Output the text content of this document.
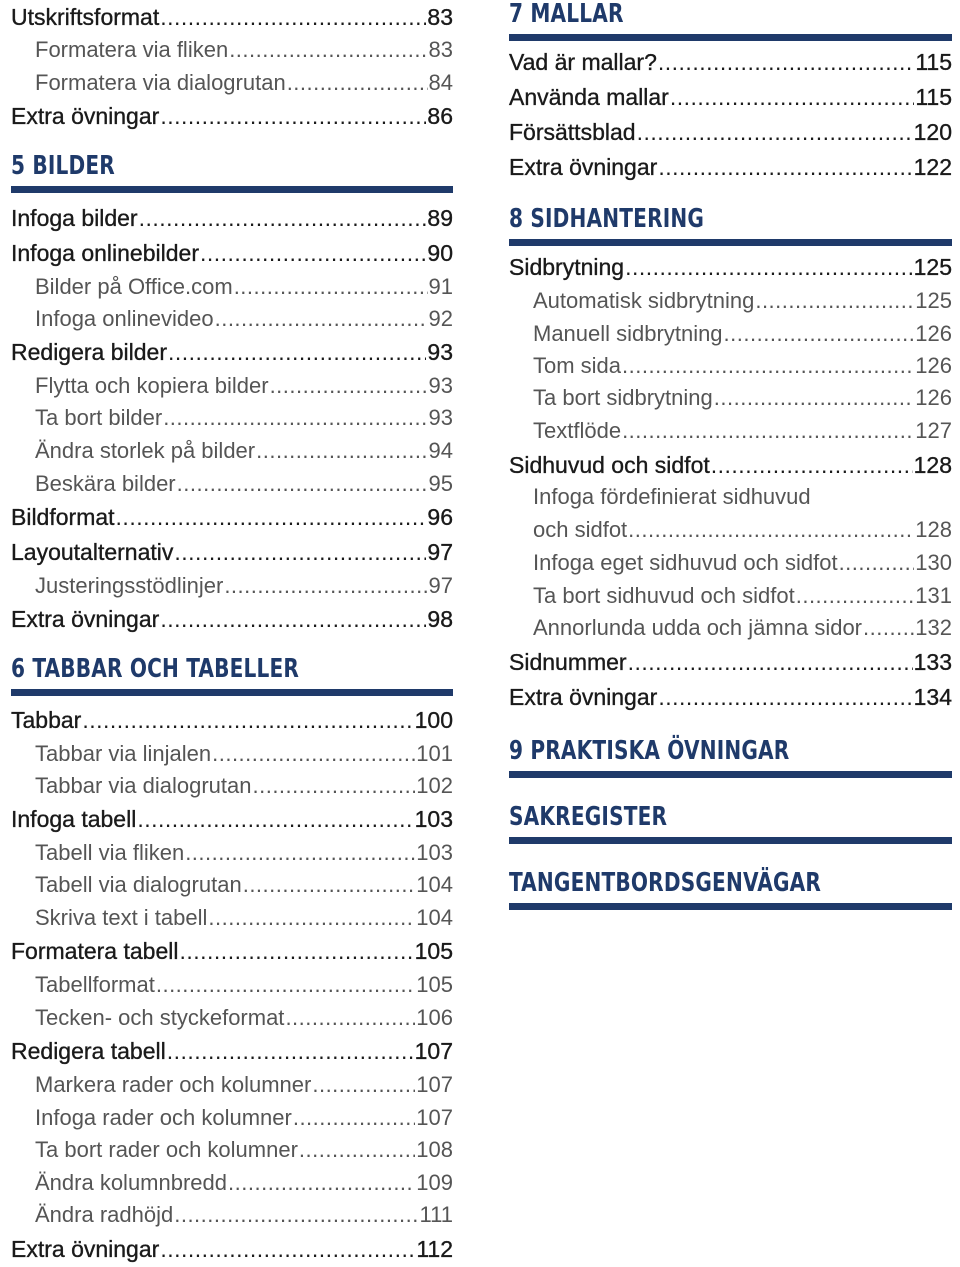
Utskriftsformat .....	83
Formatera via fliken .....	83
Formatera via dialogrutan .....	84
Extra övningar .....	86
5 BILDER
Infoga bilder .....	89
Infoga onlinebilder .....	90
Bilder på Office.com .....	91
Infoga onlinevideo .....	92
Redigera bilder .....	93
Flytta och kopiera bilder .....	93
Ta bort bilder .....	93
Ändra storlek på bilder .....	94
Beskära bilder .....	95
Bildformat .....	96
Layoutalternativ .....	97
Justeringsstödlinjer .....	97
Extra övningar .....	98
6 TABBAR OCH TABELLER
Tabbar .....	100
Tabbar via linjalen .....	101
Tabbar via dialogrutan .....	102
Infoga tabell .....	103
Tabell via fliken .....	103
Tabell via dialogrutan .....	104
Skriva text i tabell .....	104
Formatera tabell .....	105
Tabellformat .....	105
Tecken- och styckeformat .....	106
Redigera tabell .....	107
Markera rader och kolumner .....	107
Infoga rader och kolumner .....	107
Ta bort rader och kolumner .....	108
Ändra kolumnbredd .....	109
Ändra radhöjd .....	111
Extra övningar .....	112
7 MALLAR
Vad är mallar? .....	115
Använda mallar .....	115
Försättsblad .....	120
Extra övningar .....	122
8 SIDHANTERING
Sidbrytning .....	125
Automatisk sidbrytning .....	125
Manuell sidbrytning .....	126
Tom sida .....	126
Ta bort sidbrytning .....	126
Textflöde .....	127
Sidhuvud och sidfot .....	128
Infoga fördefinierat sidhuvud
och sidfot .....	128
Infoga eget sidhuvud och sidfot .....	130
Ta bort sidhuvud och sidfot .....	131
Annorlunda udda och jämna sidor ..... 132
Sidnummer .....	133
Extra övningar .....	134
9 PRAKTISKA ÖVNINGAR
SAKREGISTER
TANGENTBORDSGENVÄGAR
